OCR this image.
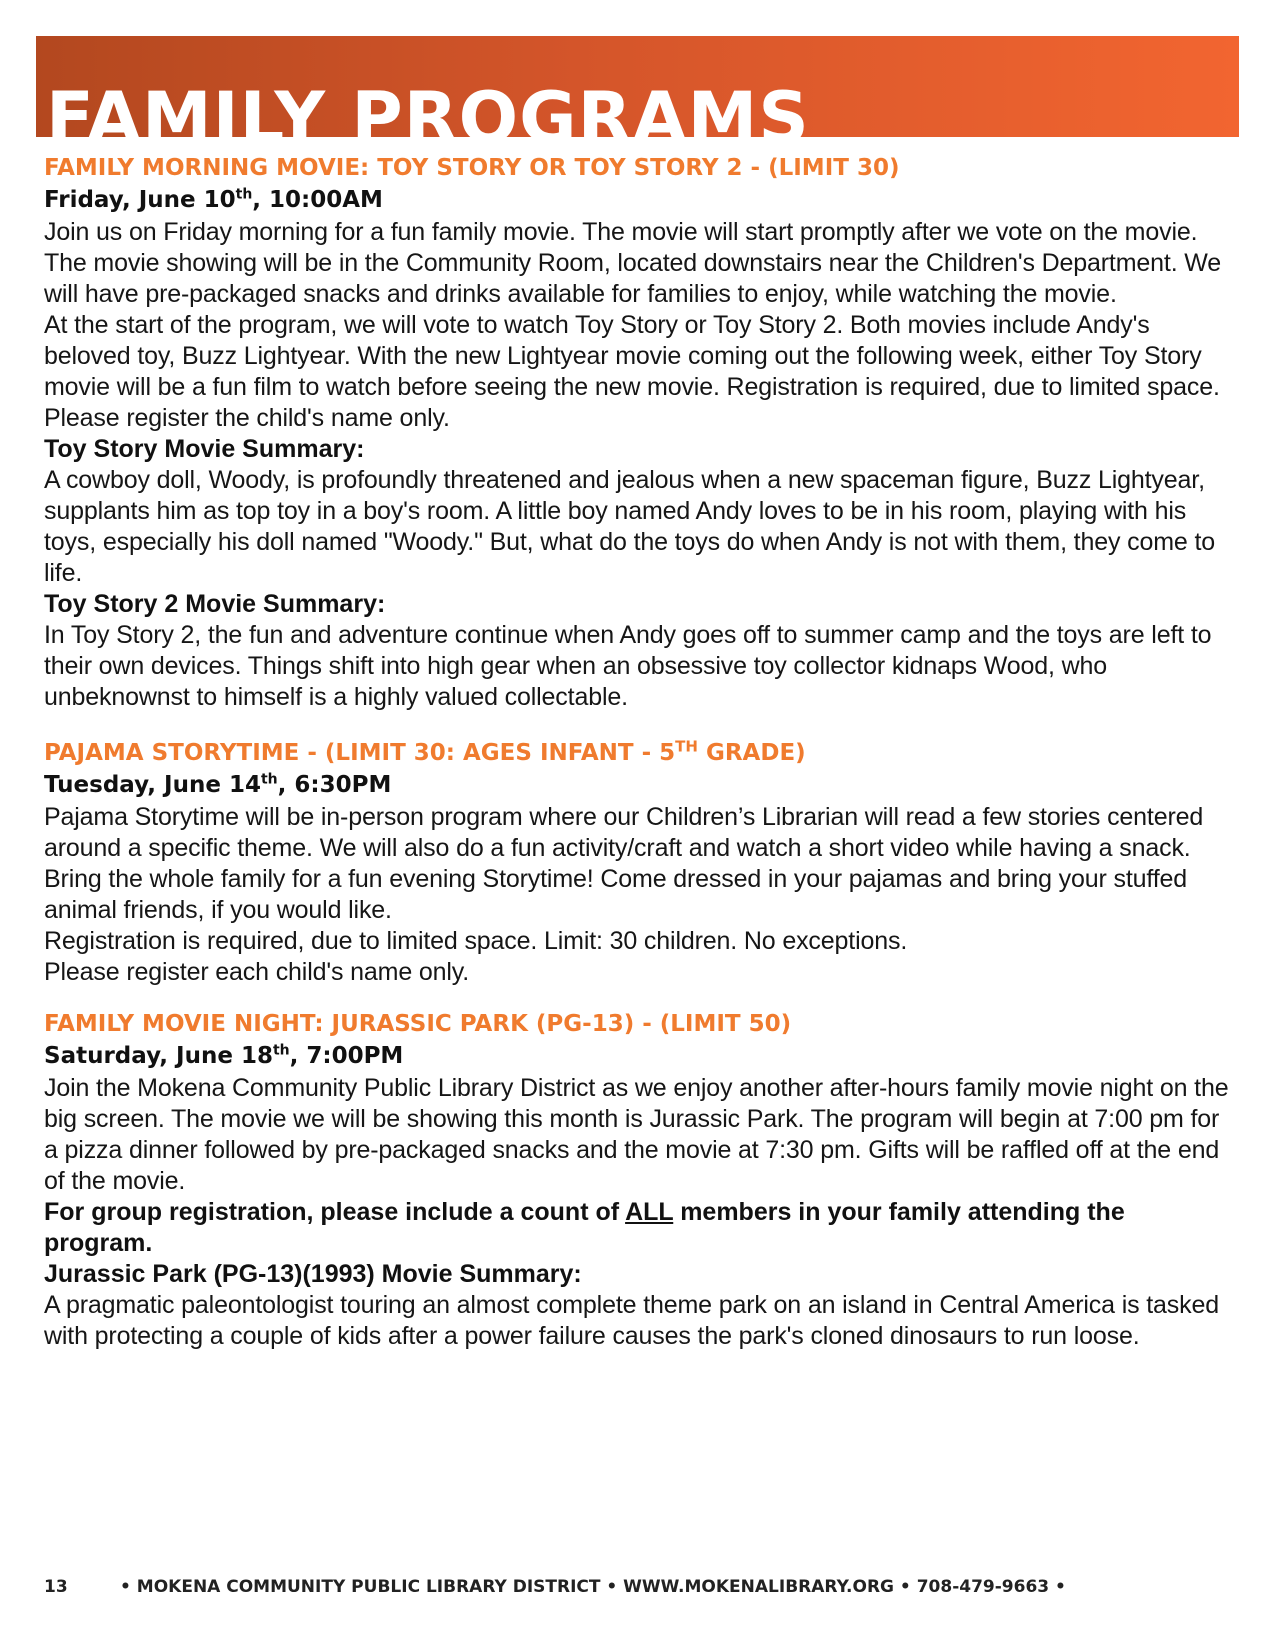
FAMILY PROGRAMS
FAMILY MORNING MOVIE: TOY STORY OR TOY STORY 2 - (LIMIT 30)
Friday, June 10th, 10:00AM

Join us on Friday morning for a fun family movie. The movie will start promptly after we vote on the movie. The movie showing will be in the Community Room, located downstairs near the Children's Department. We will have pre-packaged snacks and drinks available for families to enjoy, while watching the movie.

At the start of the program, we will vote to watch Toy Story or Toy Story 2. Both movies include Andy's beloved toy, Buzz Lightyear. With the new Lightyear movie coming out the following week, either Toy Story movie will be a fun film to watch before seeing the new movie. Registration is required, due to limited space. Please register the child's name only.

Toy Story Movie Summary:

A cowboy doll, Woody, is profoundly threatened and jealous when a new spaceman figure, Buzz Lightyear, supplants him as top toy in a boy's room. A little boy named Andy loves to be in his room, playing with his toys, especially his doll named "Woody." But, what do the toys do when Andy is not with them, they come to life.

Toy Story 2 Movie Summary:

In Toy Story 2, the fun and adventure continue when Andy goes off to summer camp and the toys are left to their own devices. Things shift into high gear when an obsessive toy collector kidnaps Wood, who unbeknownst to himself is a highly valued collectable.

PAJAMA STORYTIME - (LIMIT 30: AGES INFANT - 5TH GRADE)
Tuesday, June 14th, 6:30PM

Pajama Storytime will be in-person program where our Children’s Librarian will read a few stories centered around a specific theme. We will also do a fun activity/craft and watch a short video while having a snack. Bring the whole family for a fun evening Storytime! Come dressed in your pajamas and bring your stuffed animal friends, if you would like.

Registration is required, due to limited space. Limit: 30 children. No exceptions.

Please register each child's name only.

FAMILY MOVIE NIGHT: JURASSIC PARK (PG-13) - (LIMIT 50)
Saturday, June 18th, 7:00PM

Join the Mokena Community Public Library District as we enjoy another after-hours family movie night on the big screen. The movie we will be showing this month is Jurassic Park. The program will begin at 7:00 pm for a pizza dinner followed by pre-packaged snacks and the movie at 7:30 pm. Gifts will be raffled off at the end of the movie.

For group registration, please include a count of ALL members in your family attending the program.

Jurassic Park (PG-13)(1993) Movie Summary:

A pragmatic paleontologist touring an almost complete theme park on an island in Central America is tasked with protecting a couple of kids after a power failure causes the park's cloned dinosaurs to run loose.

13	• MOKENA COMMUNITY PUBLIC LIBRARY DISTRICT • WWW.MOKENALIBRARY.ORG • 708-479-9663 •
